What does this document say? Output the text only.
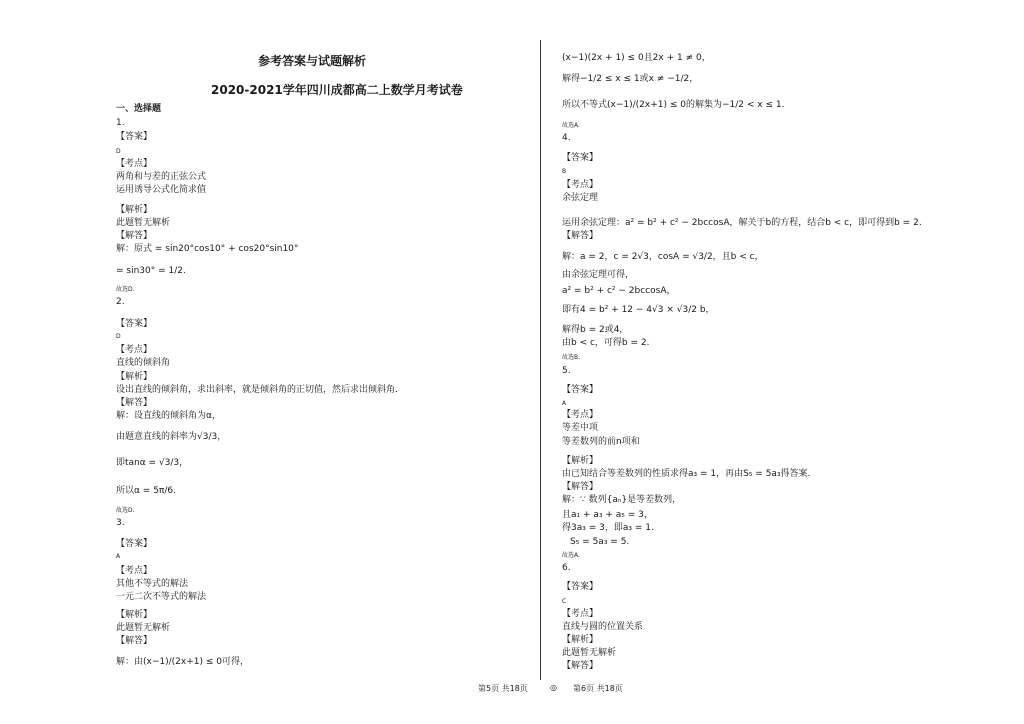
参考答案与试题解析
2020-2021学年四川成都高二上数学月考试卷
一、选择题
1.
【答案】
D
【考点】
两角和与差的正弦公式
运用诱导公式化简求值
【解析】
此题暂无解析
【解答】
解：原式 = sin20°cos10° + cos20°sin10°
= sin30° = 1/2.
故选D.
2.
【答案】
D
【考点】
直线的倾斜角
【解析】
设出直线的倾斜角，求出斜率，就是倾斜角的正切值，然后求出倾斜角．
【解答】
解：设直线的倾斜角为α，
由题意直线的斜率为√3/3，
即tanα = √3/3，
所以α = 5π/6.
故选D.
3.
【答案】
A
【考点】
其他不等式的解法
一元二次不等式的解法
【解析】
此题暂无解析
【解答】
解：由(x−1)/(2x+1) ≤ 0可得，
(x−1)(2x + 1) ≤ 0且2x + 1 ≠ 0，
解得−1/2 ≤ x ≤ 1或x ≠ −1/2，
所以不等式(x−1)/(2x+1) ≤ 0的解集为−1/2 < x ≤ 1.
故选A.
4.
【答案】
B
【考点】
余弦定理
运用余弦定理：a² = b² + c² − 2bccosA，解关于b的方程，结合b < c，即可得到b = 2.
【解答】
解：a = 2，c = 2√3，cosA = √3/2，且b < c，
由余弦定理可得，
a² = b² + c² − 2bccosA，
即有4 = b² + 12 − 4√3 × √3/2 b，
解得b = 2或4，
由b < c，可得b = 2.
故选B.
5.
【答案】
A
【考点】
等差中项
等差数列的前n项和
【解析】
由已知结合等差数列的性质求得a₃ = 1，再由S₅ = 5a₃得答案．
【解答】
解：∵ 数列{aₙ}是等差数列，
且a₁ + a₃ + a₅ = 3，
得3a₃ = 3，即a₃ = 1.
S₅ = 5a₃ = 5.
故选A.
6.
【答案】
C
【考点】
直线与圆的位置关系
【解析】
此题暂无解析
【解答】
第5页 共18页	◎ 第6页 共18页
